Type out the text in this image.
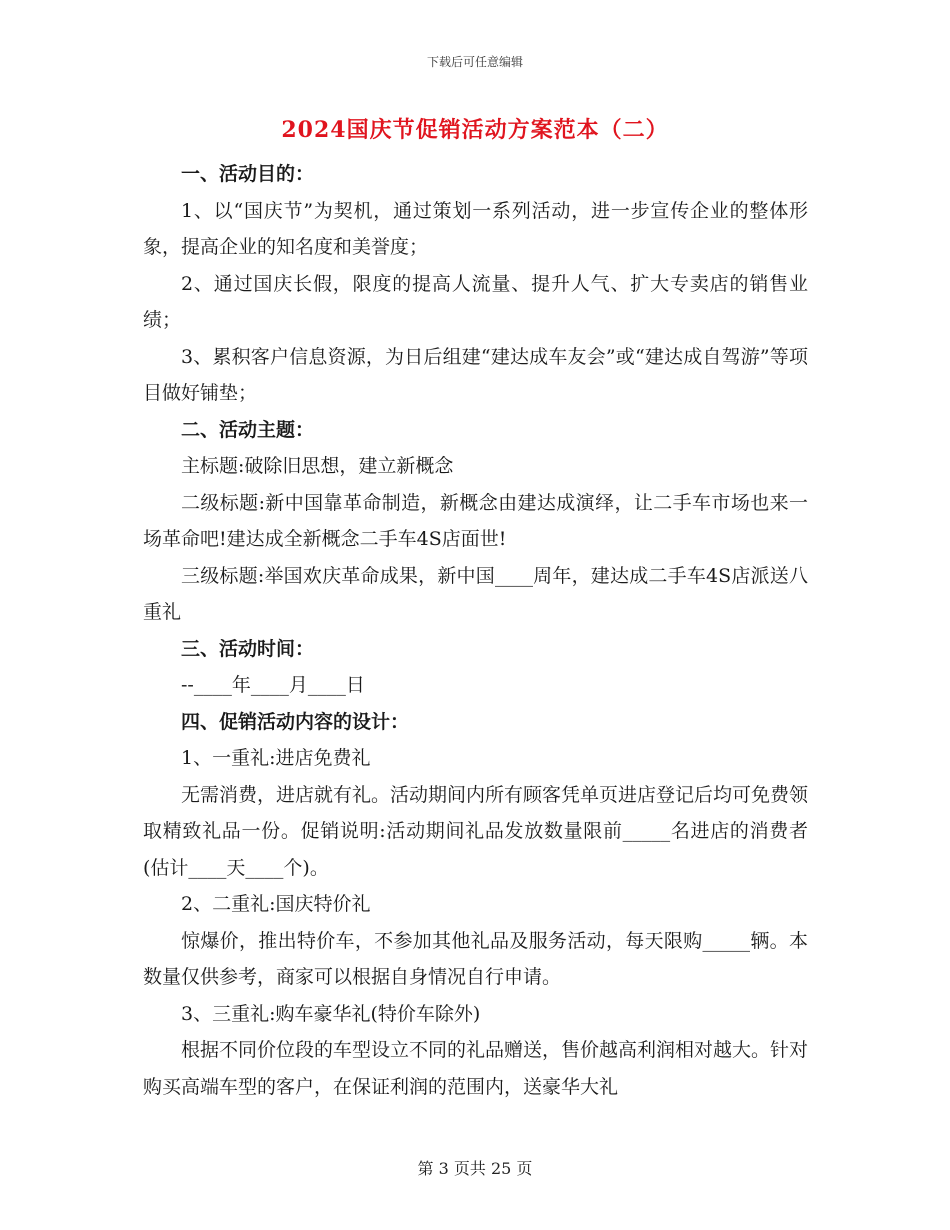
下载后可任意编辑
2024国庆节促销活动方案范本（二）

一、活动目的：

1、以“国庆节”为契机，通过策划一系列活动，进一步宣传企业的整体形象，提高企业的知名度和美誉度；

2、通过国庆长假，限度的提高人流量、提升人气、扩大专卖店的销售业绩；

3、累积客户信息资源，为日后组建“建达成车友会”或“建达成自驾游”等项目做好铺垫；

二、活动主题：

主标题:破除旧思想，建立新概念

二级标题:新中国靠革命制造，新概念由建达成演绎，让二手车市场也来一场革命吧!建达成全新概念二手车4S店面世!

三级标题:举国欢庆革命成果，新中国____周年，建达成二手车4S店派送八重礼

三、活动时间：

--____年____月____日

四、促销活动内容的设计：

1、一重礼:进店免费礼

无需消费，进店就有礼。活动期间内所有顾客凭单页进店登记后均可免费领取精致礼品一份。促销说明:活动期间礼品发放数量限前_____名进店的消费者(估计____天____个)。

2、二重礼:国庆特价礼

惊爆价，推出特价车，不参加其他礼品及服务活动，每天限购_____辆。本数量仅供参考，商家可以根据自身情况自行申请。

3、三重礼:购车豪华礼(特价车除外)

根据不同价位段的车型设立不同的礼品赠送，售价越高利润相对越大。针对购买高端车型的客户，在保证利润的范围内，送豪华大礼

第 3 页共 25 页
